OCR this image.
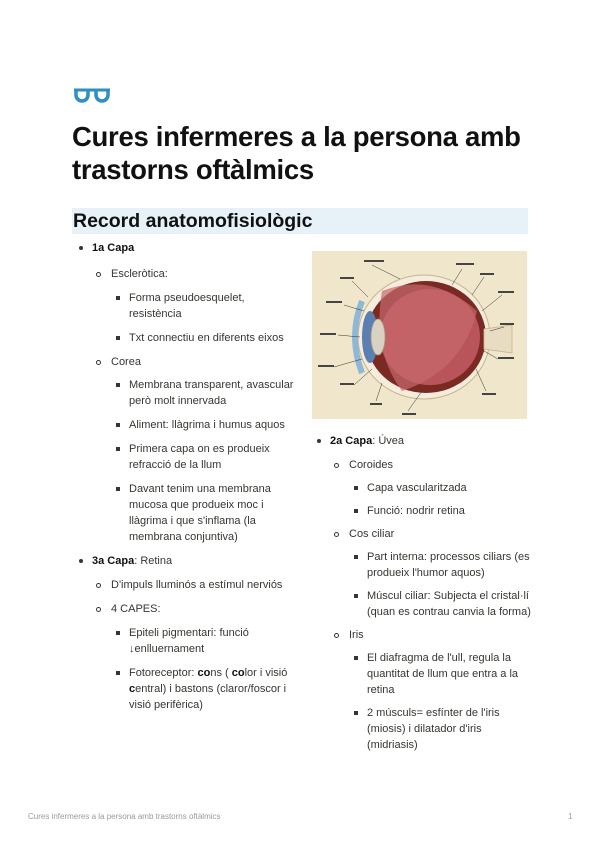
Cures infermeres a la persona amb trastorns oftàlmics
Record anatomofisiològic
1a Capa
Escleròtica:
Forma pseudoesquelet, resistència
Txt connectiu en diferents eixos
Corea
Membrana transparent, avascular però molt innervada
Aliment: llàgrima i humus aquos
Primera capa on es produeix refracció de la llum
Davant tenim una membrana mucosa que produeix moc i llàgrima i que s'inflama (la membrana conjuntiva)
3a Capa: Retina
D'impuls lluminós a estímul nerviós
4 CAPES:
Epiteli pigmentari: funció ↓enlluernament
Fotoreceptor: cons ( color i visió central) i bastons (claror/foscor i visió perifèrica)
2a Capa: Úvea
Coroides
Capa vascularitzada
Funció: nodrir retina
Cos ciliar
Part interna: processos ciliars (es produeix l'humor aquos)
Múscul ciliar: Subjecta el cristal·lí (quan es contrau canvia la forma)
Iris
El diafragma de l'ull, regula la quantitat de llum que entra a la retina
2 músculs= esfínter de l'iris (miosis) i dilatador d'iris (midriasis)
Cures infermeres a la persona amb trastorns oftàlmics	1
